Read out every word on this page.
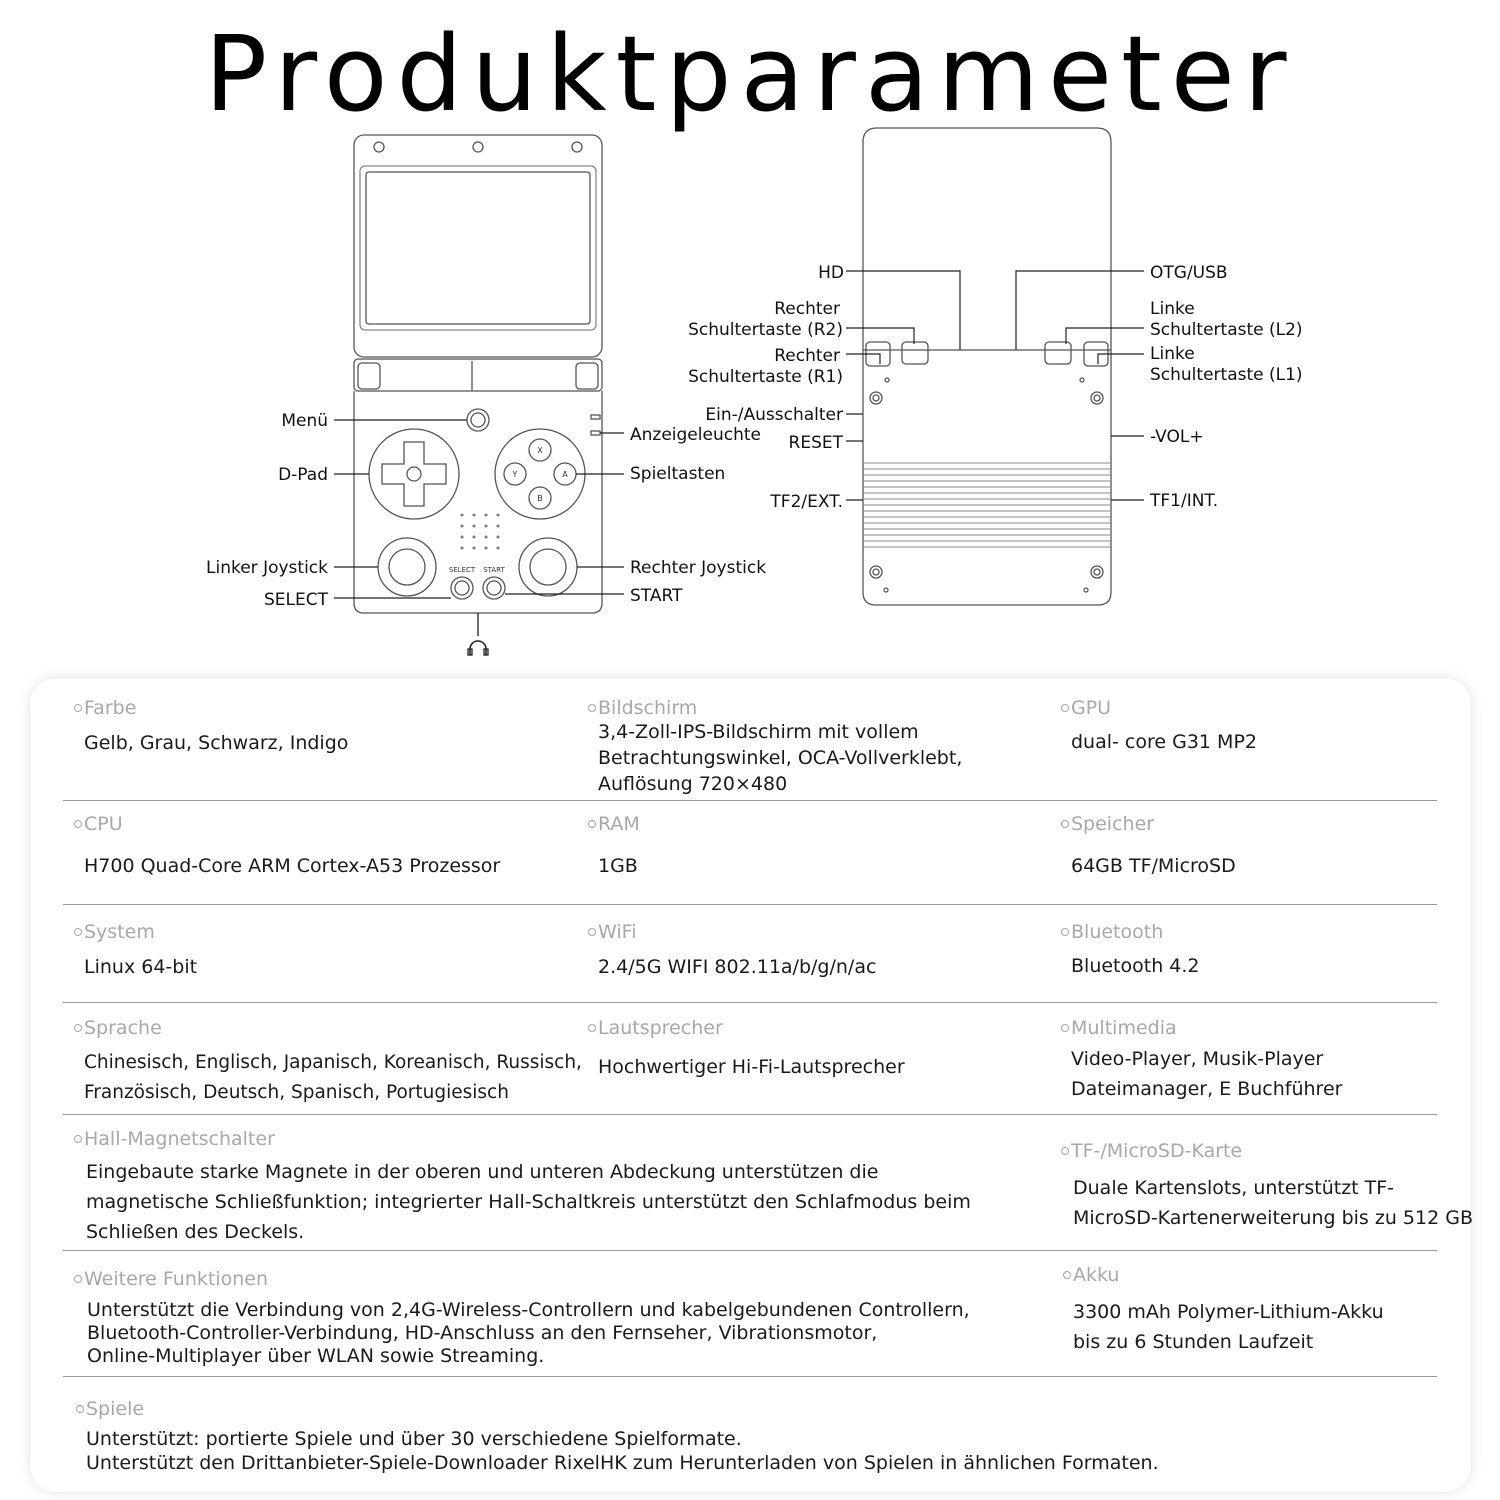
Produktparameter
X
Y	A
B
SELECT START
Menü
D-Pad
Anzeigeleuchte
Spieltasten
Linker Joystick	Rechter Joystick
SELECT	START
HD	OTG/USB
Rechter
Schultertaste (R2)
Rechter
Schultertaste (R1)
Linke
Schultertaste (L2)
Linke
Schultertaste (L1)
Ein-/Ausschalter
RESET	-VOL+
TF2/EXT.	TF1/INT.
Farbe
Gelb, Grau, Schwarz, Indigo
Bildschirm
3,4-Zoll-IPS-Bildschirm mit vollem
Betrachtungswinkel, OCA-Vollverklebt,
Auflösung 720×480
GPU
dual- core G31 MP2
CPU
H700 Quad-Core ARM Cortex-A53 Prozessor
RAM
1GB
Speicher
64GB TF/MicroSD
System
Linux 64-bit
WiFi
2.4/5G WIFI 802.11a/b/g/n/ac
Bluetooth
Bluetooth 4.2
Sprache
Chinesisch, Englisch, Japanisch, Koreanisch, Russisch,
Französisch, Deutsch, Spanisch, Portugiesisch
Lautsprecher
Hochwertiger Hi-Fi-Lautsprecher
Multimedia
Video-Player, Musik-Player
Dateimanager, E Buchführer
Hall-Magnetschalter
Eingebaute starke Magnete in der oberen und unteren Abdeckung unterstützen die
magnetische Schließfunktion; integrierter Hall-Schaltkreis unterstützt den Schlafmodus beim
Schließen des Deckels.
TF-/MicroSD-Karte
Duale Kartenslots, unterstützt TF-
MicroSD-Kartenerweiterung bis zu 512 GB
Weitere Funktionen
Unterstützt die Verbindung von 2,4G-Wireless-Controllern und kabelgebundenen Controllern,
Bluetooth-Controller-Verbindung, HD-Anschluss an den Fernseher, Vibrationsmotor,
Online-Multiplayer über WLAN sowie Streaming.
Akku
3300 mAh Polymer-Lithium-Akku
bis zu 6 Stunden Laufzeit
Spiele
Unterstützt: portierte Spiele und über 30 verschiedene Spielformate.
Unterstützt den Drittanbieter-Spiele-Downloader RixelHK zum Herunterladen von Spielen in ähnlichen Formaten.
